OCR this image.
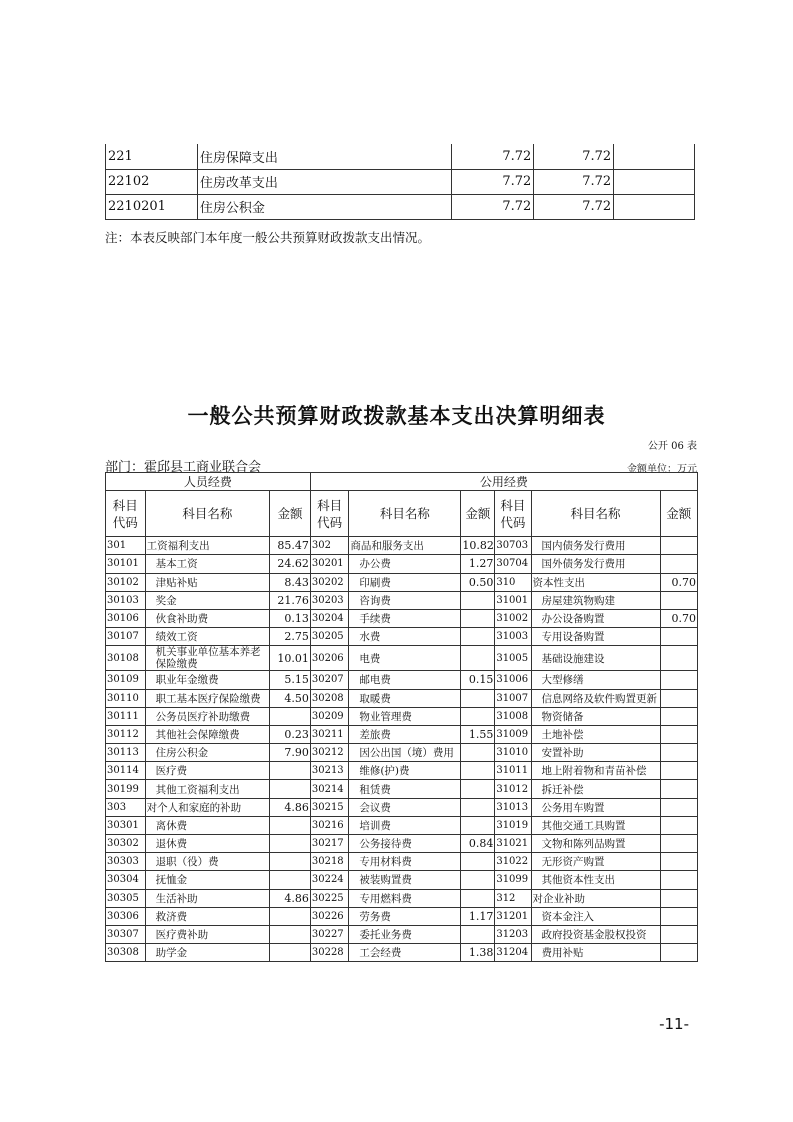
221	住房保障支出	7.72	7.72	
22102	住房改革支出	7.72	7.72	
2210201	住房公积金	7.72	7.72	
注：本表反映部门本年度一般公共预算财政拨款支出情况。
一般公共预算财政拨款基本支出决算明细表
公开 06 表
部门：霍邱县工商业联合会	金额单位：万元
人员经费			公用经费					
科目代码	科目名称	金额	科目代码	科目名称	金额	科目代码	科目名称	金额
301	工资福利支出	85.47	302	商品和服务支出	10.82	30703	国内债务发行费用	
30101	基本工资	24.62	30201	办公费	1.27	30704	国外债务发行费用	
30102	津贴补贴	8.43	30202	印刷费	0.50	310	资本性支出	0.70
30103	奖金	21.76	30203	咨询费		31001	房屋建筑物购建	
30106	伙食补助费	0.13	30204	手续费		31002	办公设备购置	0.70
30107	绩效工资	2.75	30205	水费		31003	专用设备购置	
30108	机关事业单位基本养老保险缴费	10.01	30206	电费		31005	基础设施建设	
30109	职业年金缴费	5.15	30207	邮电费	0.15	31006	大型修缮	
30110	职工基本医疗保险缴费	4.50	30208	取暖费		31007	信息网络及软件购置更新	
30111	公务员医疗补助缴费		30209	物业管理费		31008	物资储备	
30112	其他社会保障缴费	0.23	30211	差旅费	1.55	31009	土地补偿	
30113	住房公积金	7.90	30212	因公出国（境）费用		31010	安置补助	
30114	医疗费		30213	维修(护)费		31011	地上附着物和青苗补偿	
30199	其他工资福利支出		30214	租赁费		31012	拆迁补偿	
303	对个人和家庭的补助	4.86	30215	会议费		31013	公务用车购置	
30301	离休费		30216	培训费		31019	其他交通工具购置	
30302	退休费		30217	公务接待费	0.84	31021	文物和陈列品购置	
30303	退职（役）费		30218	专用材料费		31022	无形资产购置	
30304	抚恤金		30224	被装购置费		31099	其他资本性支出	
30305	生活补助	4.86	30225	专用燃料费		312	对企业补助	
30306	救济费		30226	劳务费	1.17	31201	资本金注入	
30307	医疗费补助		30227	委托业务费		31203	政府投资基金股权投资	
30308	助学金		30228	工会经费	1.38	31204	费用补贴	
-11-
